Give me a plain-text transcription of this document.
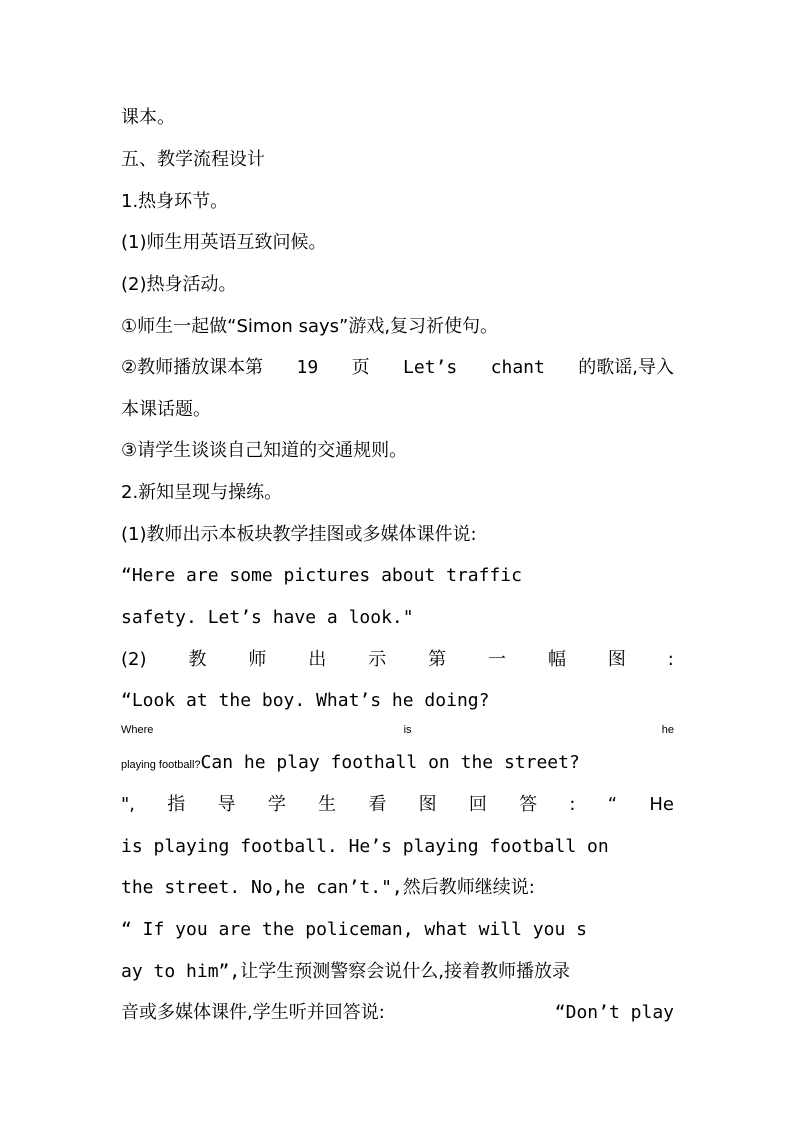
课本。
五、教学流程设计
1.热身环节。
(1)师生用英语互致问候。
(2)热身活动。
①师生一起做“Simon says”游戏,复习祈使句。
②教师播放课本第 19 页 Let’s chant 的歌谣,导入
本课话题。
③请学生谈谈自己知道的交通规则。
2.新知呈现与操练。
(1)教师出示本板块教学挂图或多媒体课件说:
“Here are some pictures about traffic
safety. Let’s have a look."
(2) 教 师 出 示 第 一 幅 图 :
“Look at the boy. What’s he doing?
Where	is	he
playing football?Can he play foothall on the street?
", 指 导 学 生 看 图 回 答 : “ He
is playing football. He’s playing football on
the street. No,he can’t.",然后教师继续说:
“ If you are the policeman, what will you s
ay to him”,让学生预测警察会说什么,接着教师播放录
音或多媒体课件,学生听并回答说:	“Don’t play
